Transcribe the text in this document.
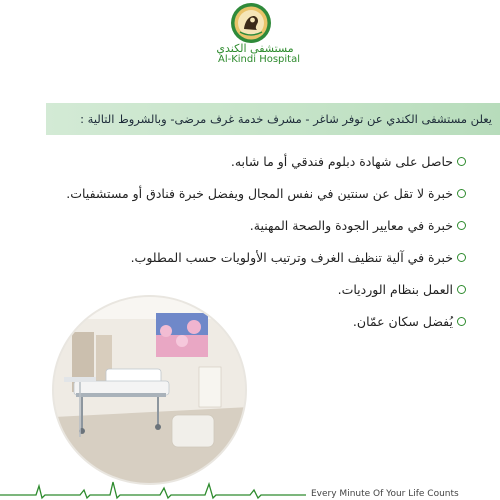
مستشفى الكندي
Al-Kindi Hospital
يعلن مستشفى الكندي عن توفر شاغر - مشرف خدمة غرف مرضى- وبالشروط التالية :
حاصل على شهادة دبلوم فندقي أو ما شابه.
خبرة لا تقل عن سنتين في نفس المجال ويفضل خبرة فنادق أو مستشفيات.
خبرة في معايير الجودة والصحة المهنية.
خبرة في آلية تنظيف الغرف وترتيب الأولويات حسب المطلوب.
العمل بنظام الورديات.
يُفضل سكان عمّان.
Every Minute Of Your Life Counts
